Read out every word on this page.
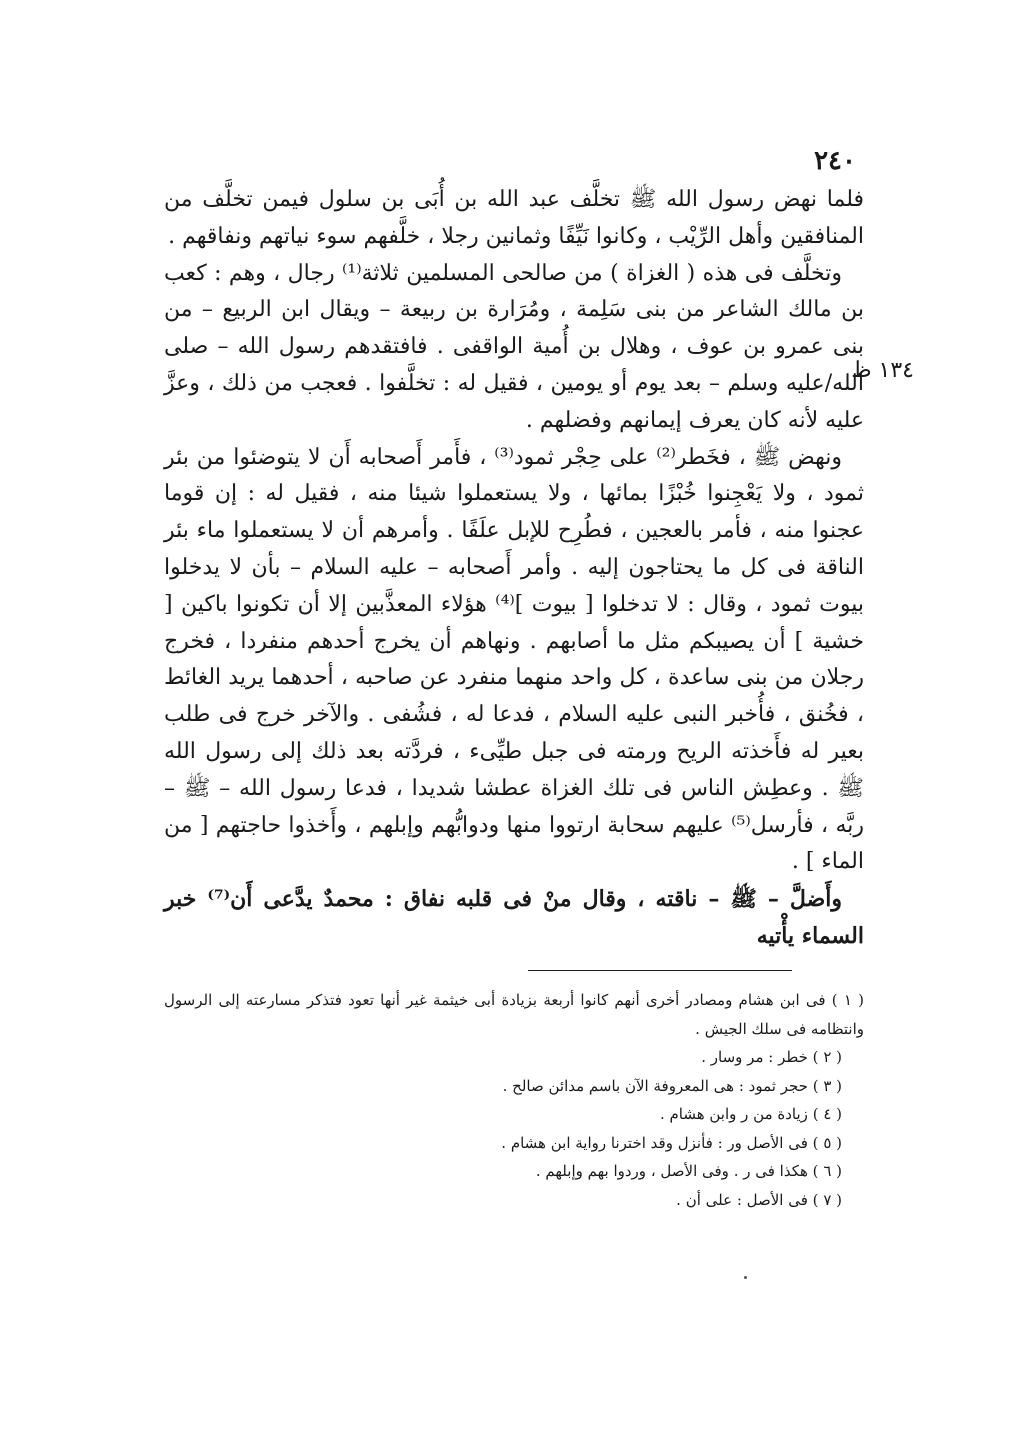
٢٤٠
١٣٤ ظ

فلما نهض رسول الله ﷺ تخلَّف عبد الله بن أُبَى بن سلول فيمن تخلَّف من المنافقين وأهل الرِّيْب ، وكانوا نَيِّفًا وثمانين رجلا ، خلَّفهم سوء نياتهم ونفاقهم .

وتخلَّف فى هذه ( الغزاة ) من صالحى المسلمين ثلاثة⁽¹⁾ رجال ، وهم : كعب بن مالك الشاعر من بنى سَلِمة ، ومُرَارة بن ربيعة – ويقال ابن الربيع – من بنى عمرو بن عوف ، وهلال بن أُمية الواقفى . فافتقدهم رسول الله – صلى الله/عليه وسلم – بعد يوم أو يومين ، فقيل له : تخلَّفوا . فعجب من ذلك ، وعزَّ عليه لأنه كان يعرف إيمانهم وفضلهم .

ونهض ﷺ ، فخَطر⁽²⁾ على حِجْر ثمود⁽³⁾ ، فأَمر أَصحابه أَن لا يتوضئوا من بئر ثمود ، ولا يَعْجِنوا خُبْزًا بمائها ، ولا يستعملوا شيئا منه ، فقيل له : إن قوما عجنوا منه ، فأمر بالعجين ، فطُرِح للإبل علَفًا . وأمرهم أن لا يستعملوا ماء بئر الناقة فى كل ما يحتاجون إليه . وأمر أَصحابه – عليه السلام – بأن لا يدخلوا بيوت ثمود ، وقال : لا تدخلوا [ بيوت ]⁽⁴⁾ هؤلاء المعذَّبين إلا أن تكونوا باكين [ خشية ] أن يصيبكم مثل ما أصابهم . ونهاهم أن يخرج أحدهم منفردا ، فخرج رجلان من بنى ساعدة ، كل واحد منهما منفرد عن صاحبه ، أحدهما يريد الغائط ، فخُنق ، فأُخبر النبى عليه السلام ، فدعا له ، فشُفى . والآخر خرج فى طلب بعير له فأَخذته الريح ورمته فى جبل طيِّىء ، فردَّته بعد ذلك إلى رسول الله ﷺ . وعطِش الناس فى تلك الغزاة عطشا شديدا ، فدعا رسول الله – ﷺ – ربَّه ، فأرسل⁽⁵⁾ عليهم سحابة ارتووا منها ودوابُّهم وإبلهم ، وأَخذوا حاجتهم [ من الماء ] .

وأَضلَّ – ﷺ – ناقته ، وقال منْ فى قلبه نفاق : محمدٌ يدَّعى أَن⁽⁷⁾ خبر السماء يأْتيه

( ١ ) فى ابن هشام ومصادر أخرى أنهم كانوا أربعة بزيادة أبى خيثمة غير أنها تعود فتذكر مسارعته إلى الرسول وانتظامه فى سلك الجيش .

( ٢ ) خطر : مر وسار .

( ٣ ) حجر ثمود : هى المعروفة الآن باسم مدائن صالح .

( ٤ ) زيادة من ر وابن هشام .

( ٥ ) فى الأصل ور : فأنزل وقد اخترنا رواية ابن هشام .

( ٦ ) هكذا فى ر . وفى الأصل ، وردوا بهم وإبلهم .

( ٧ ) فى الأصل : على أن .
